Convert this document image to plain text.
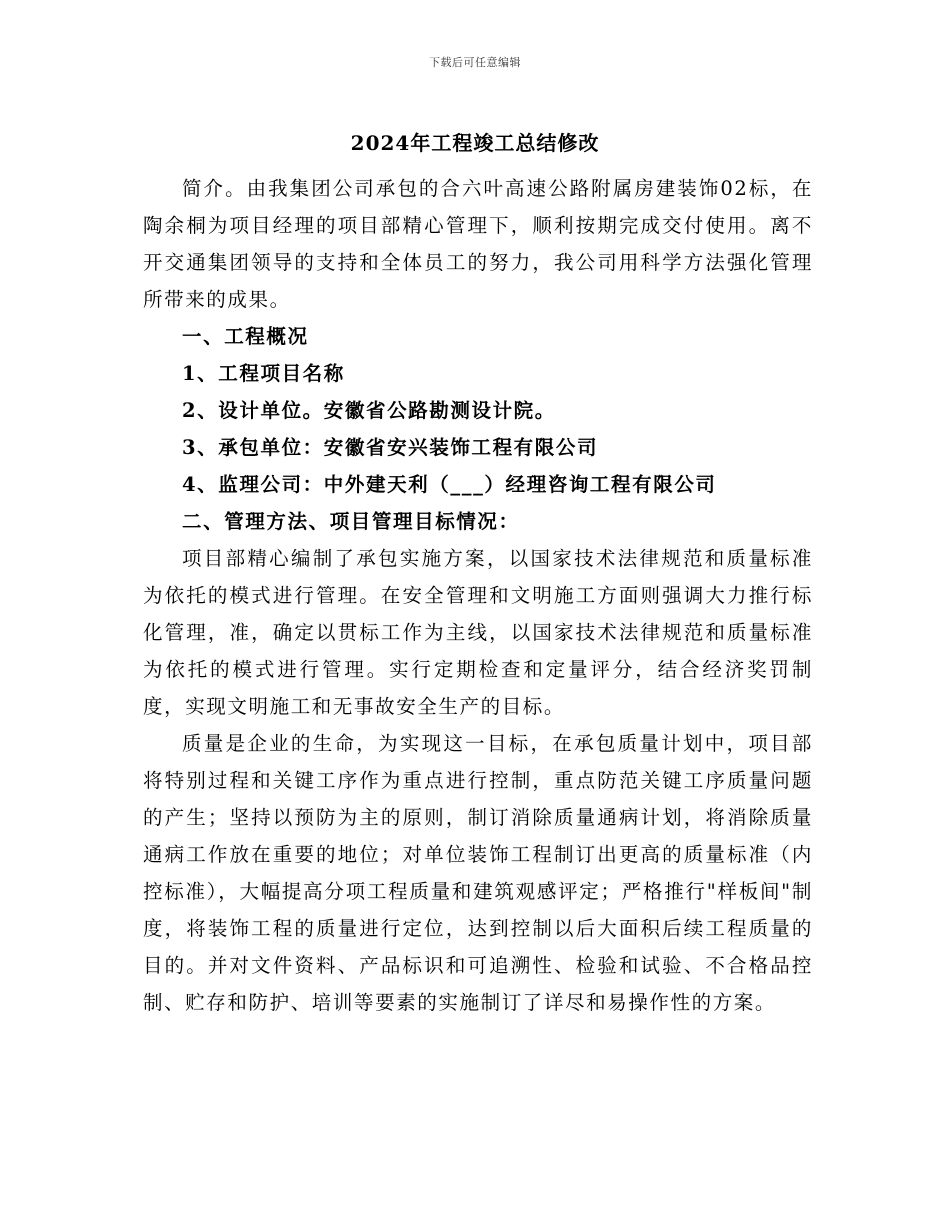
下载后可任意编辑
2024年工程竣工总结修改

简介。由我集团公司承包的合六叶高速公路附属房建装饰02标，在陶余桐为项目经理的项目部精心管理下，顺利按期完成交付使用。离不开交通集团领导的支持和全体员工的努力，我公司用科学方法强化管理所带来的成果。

一、工程概况

1、工程项目名称

2、设计单位。安徽省公路勘测设计院。

3、承包单位：安徽省安兴装饰工程有限公司

4、监理公司：中外建天利（___）经理咨询工程有限公司

二、管理方法、项目管理目标情况：

项目部精心编制了承包实施方案，以国家技术法律规范和质量标准为依托的模式进行管理。在安全管理和文明施工方面则强调大力推行标化管理，准，确定以贯标工作为主线，以国家技术法律规范和质量标准为依托的模式进行管理。实行定期检查和定量评分，结合经济奖罚制度，实现文明施工和无事故安全生产的目标。

质量是企业的生命，为实现这一目标，在承包质量计划中，项目部将特别过程和关键工序作为重点进行控制，重点防范关键工序质量问题的产生；坚持以预防为主的原则，制订消除质量通病计划，将消除质量通病工作放在重要的地位；对单位装饰工程制订出更高的质量标准（内控标准），大幅提高分项工程质量和建筑观感评定；严格推行"样板间"制度，将装饰工程的质量进行定位，达到控制以后大面积后续工程质量的目的。并对文件资料、产品标识和可追溯性、检验和试验、不合格品控制、贮存和防护、培训等要素的实施制订了详尽和易操作性的方案。
